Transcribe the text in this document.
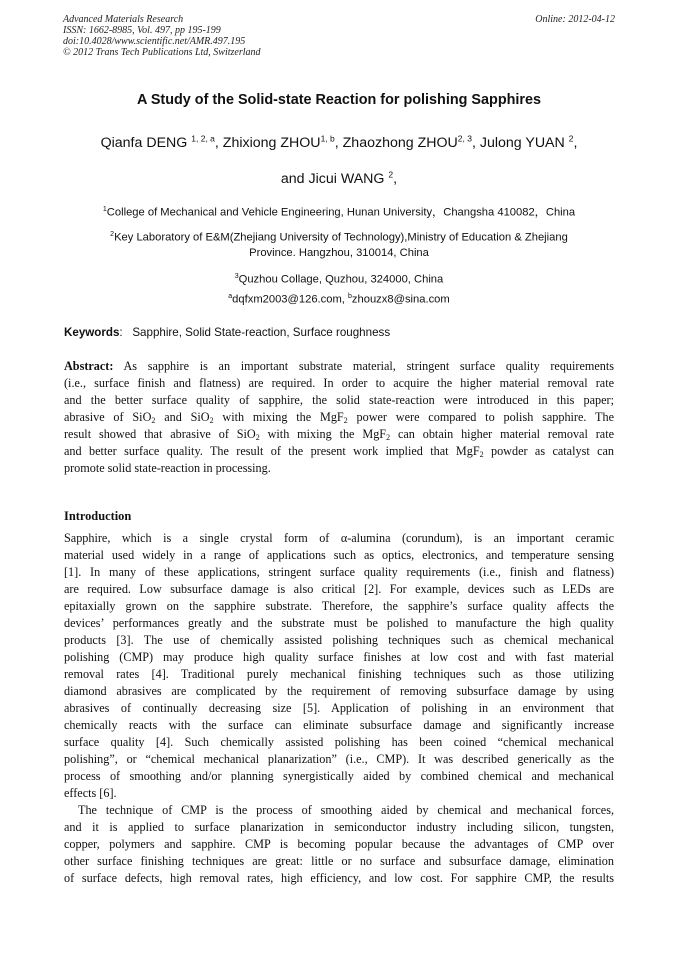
Advanced Materials Research
ISSN: 1662-8985, Vol. 497, pp 195-199
doi:10.4028/www.scientific.net/AMR.497.195
© 2012 Trans Tech Publications Ltd, Switzerland
Online: 2012-04-12
A Study of the Solid-state Reaction for polishing Sapphires
Qianfa DENG $^{1, 2, a}$, Zhixiong ZHOU$^{1, b}$, Zhaozhong ZHOU$^{2, 3}$, Julong YUAN $^2$,
and Jicui WANG $^2$,
$^1$College of Mechanical and Vehicle Engineering, Hunan University，Changsha 410082，China
$^2$Key Laboratory of E&M(Zhejiang University of Technology),Ministry of Education & Zhejiang
Province. Hangzhou, 310014, China
$^3$Quzhou Collage, Quzhou, 324000, China
$^a$dqfxm2003@126.com, $^b$zhouzx8@sina.com
Keywords: Sapphire, Solid State-reaction, Surface roughness
Abstract: As sapphire is an important substrate material, stringent surface quality requirements
(i.e., surface finish and flatness) are required. In order to acquire the higher material removal rate
and the better surface quality of sapphire, the solid state-reaction were introduced in this paper;
abrasive of SiO$_2$ and SiO$_2$ with mixing the MgF$_2$ power were compared to polish sapphire. The
result showed that abrasive of SiO$_2$ with mixing the MgF$_2$ can obtain higher material removal rate
and better surface quality. The result of the present work implied that MgF$_2$ powder as catalyst can
promote solid state-reaction in processing.
Introduction
Sapphire, which is a single crystal form of α-alumina (corundum), is an important ceramic
material used widely in a range of applications such as optics, electronics, and temperature sensing
[1]. In many of these applications, stringent surface quality requirements (i.e., finish and flatness)
are required. Low subsurface damage is also critical [2]. For example, devices such as LEDs are
epitaxially grown on the sapphire substrate. Therefore, the sapphire’s surface quality affects the
devices’ performances greatly and the substrate must be polished to manufacture the high quality
products [3]. The use of chemically assisted polishing techniques such as chemical mechanical
polishing (CMP) may produce high quality surface finishes at low cost and with fast material
removal rates [4]. Traditional purely mechanical finishing techniques such as those utilizing
diamond abrasives are complicated by the requirement of removing subsurface damage by using
abrasives of continually decreasing size [5]. Application of polishing in an environment that
chemically reacts with the surface can eliminate subsurface damage and significantly increase
surface quality [4]. Such chemically assisted polishing has been coined “chemical mechanical
polishing”, or “chemical mechanical planarization” (i.e., CMP). It was described generically as the
process of smoothing and/or planning synergistically aided by combined chemical and mechanical
effects [6].
The technique of CMP is the process of smoothing aided by chemical and mechanical forces,
and it is applied to surface planarization in semiconductor industry including silicon, tungsten,
copper, polymers and sapphire. CMP is becoming popular because the advantages of CMP over
other surface finishing techniques are great: little or no surface and subsurface damage, elimination
of surface defects, high removal rates, high efficiency, and low cost. For sapphire CMP, the results
